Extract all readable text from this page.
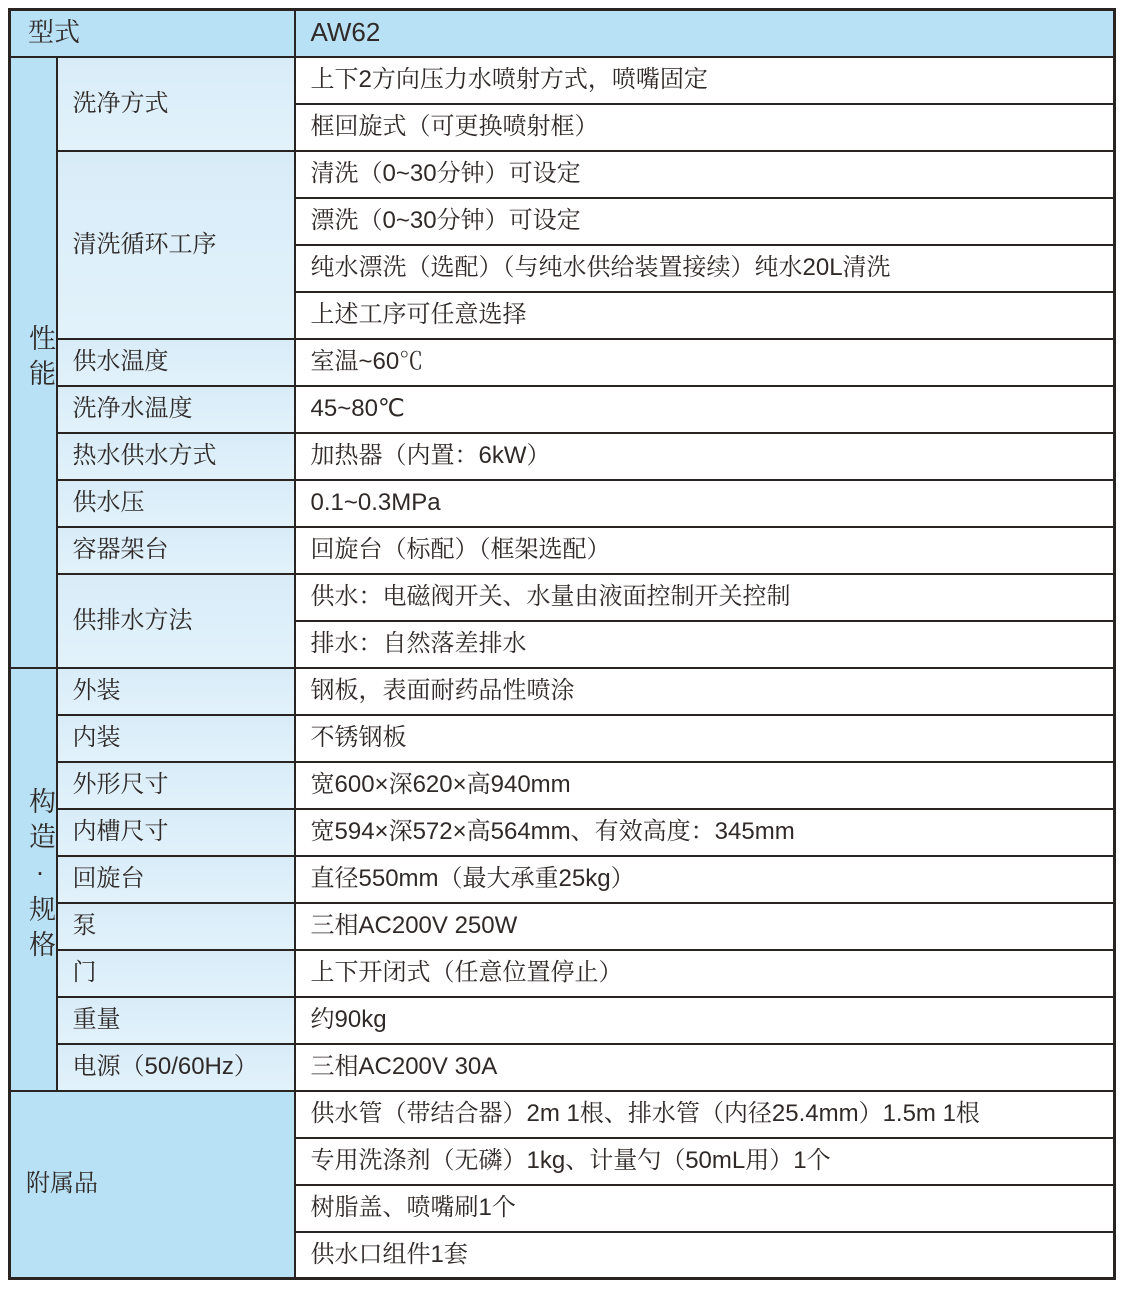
型式		AW62
性能	洗净方式	上下2方向压力水喷射方式，喷嘴固定
		框回旋式（可更换喷射框）
	清洗循环工序	清洗（0~30分钟）可设定
		漂洗（0~30分钟）可设定
		纯水漂洗（选配）（与纯水供给装置接续）纯水20L清洗
		上述工序可任意选择
	供水温度	室温~60℃
	洗净水温度	45~80℃
	热水供水方式	加热器（内置：6kW）
	供水压	0.1~0.3MPa
	容器架台	回旋台（标配）（框架选配）
	供排水方法	供水：电磁阀开关、水量由液面控制开关控制
		排水：自然落差排水
构造·规格	外装	钢板，表面耐药品性喷涂
	内装	不锈钢板
	外形尺寸	宽600×深620×高940mm
	内槽尺寸	宽594×深572×高564mm、有效高度：345mm
	回旋台	直径550mm（最大承重25kg）
	泵	三相AC200V 250W
	门	上下开闭式（任意位置停止）
	重量	约90kg
	电源（50/60Hz）	三相AC200V 30A
附属品		供水管（带结合器）2m 1根、排水管（内径25.4mm）1.5m 1根
		专用洗涤剂（无磷）1kg、计量勺（50mL用）1个
		树脂盖、喷嘴刷1个
		供水口组件1套
